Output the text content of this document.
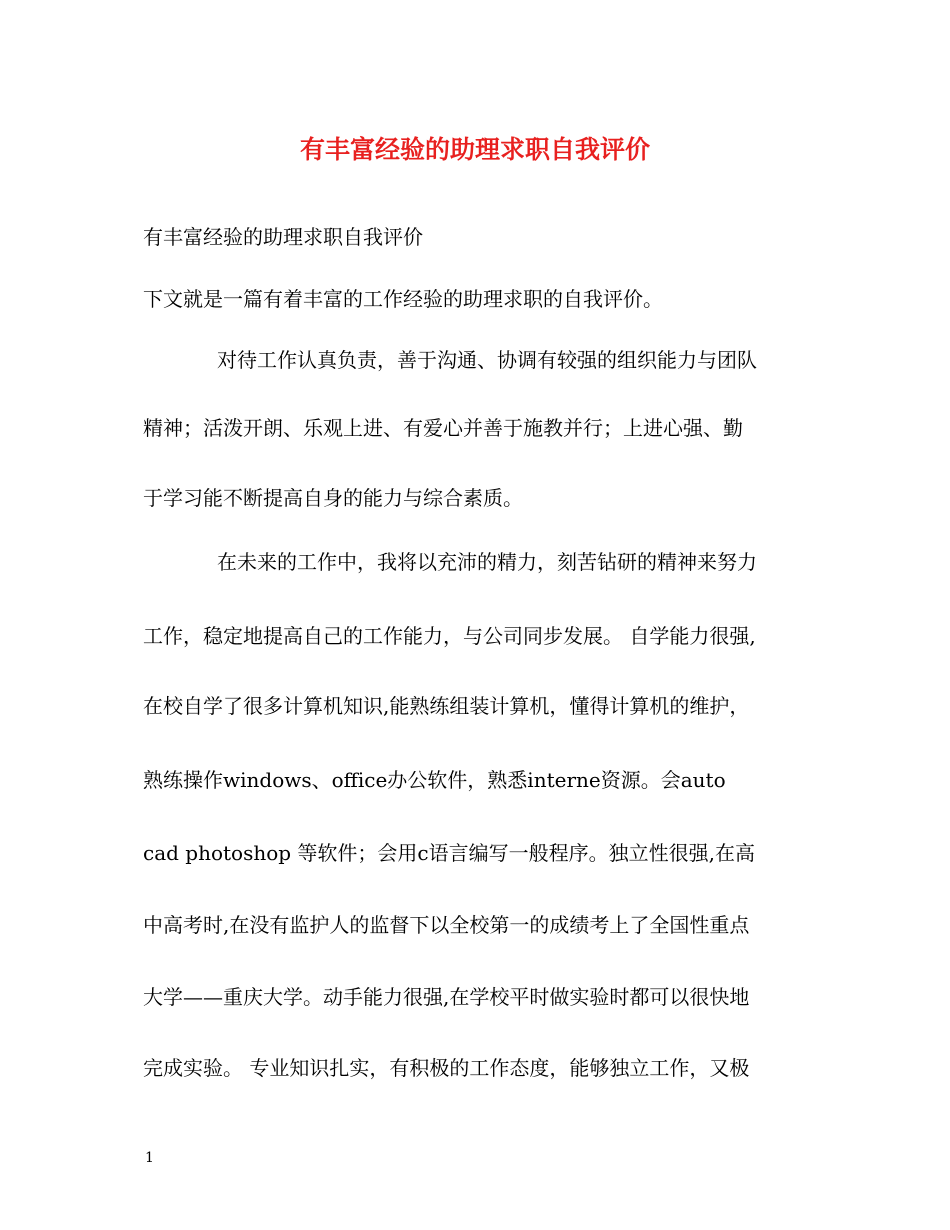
有丰富经验的助理求职自我评价

有丰富经验的助理求职自我评价

下文就是一篇有着丰富的工作经验的助理求职的自我评价。

对待工作认真负责，善于沟通、协调有较强的组织能力与团队

精神；活泼开朗、乐观上进、有爱心并善于施教并行；上进心强、勤

于学习能不断提高自身的能力与综合素质。

在未来的工作中，我将以充沛的精力，刻苦钻研的精神来努力

工作，稳定地提高自己的工作能力，与公司同步发展。 自学能力很强,

在校自学了很多计算机知识,能熟练组装计算机，懂得计算机的维护，

熟练操作windows、office办公软件，熟悉interne资源。会auto

cad photoshop 等软件；会用c语言编写一般程序。独立性很强,在高

中高考时,在没有监护人的监督下以全校第一的成绩考上了全国性重点

大学——重庆大学。动手能力很强,在学校平时做实验时都可以很快地

完成实验。 专业知识扎实，有积极的工作态度，能够独立工作，又极

1
